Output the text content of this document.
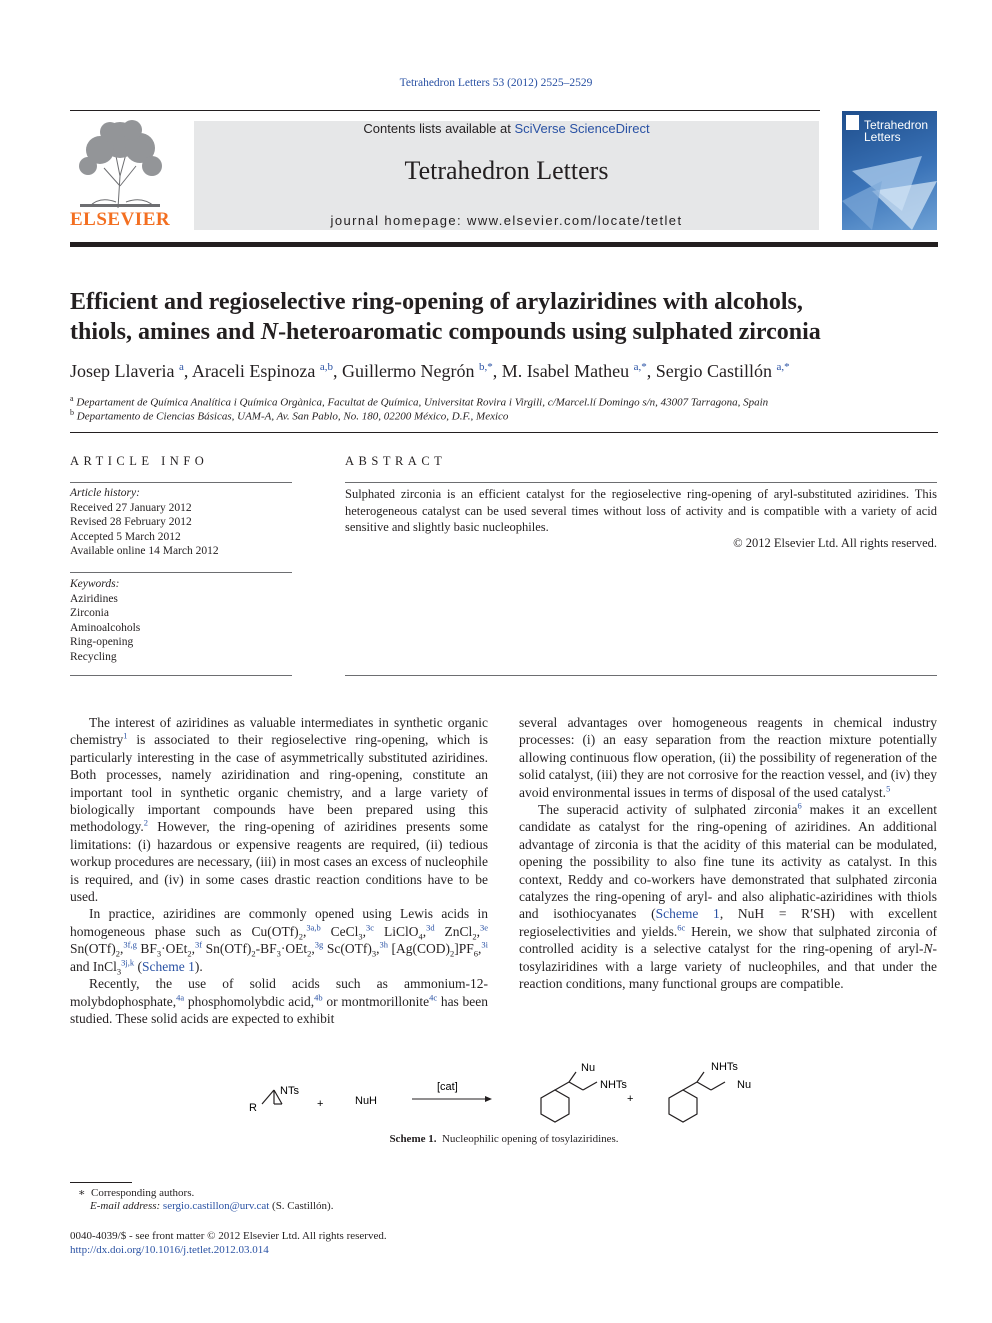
Tetrahedron Letters 53 (2012) 2525–2529
ELSEVIER
Contents lists available at SciVerse ScienceDirect
Tetrahedron Letters
journal homepage: www.elsevier.com/locate/tetlet
Tetrahedron
Letters
Efficient and regioselective ring-opening of arylaziridines with alcohols,
thiols, amines and N-heteroaromatic compounds using sulphated zirconia
Josep Llaveria $^a$, Araceli Espinoza $^{a,b}$, Guillermo Negrón $^{b,*}$, M. Isabel Matheu $^{a,*}$, Sergio Castillón $^{a,*}$
$^a$ Departament de Química Analítica i Química Orgànica, Facultat de Química, Universitat Rovira i Virgili, c/Marcel.lí Domingo s/n, 43007 Tarragona, Spain
$^b$ Departamento de Ciencias Básicas, UAM-A, Av. San Pablo, No. 180, 02200 México, D.F., Mexico
ARTICLE INFO
Article history:
Received 27 January 2012
Revised 28 February 2012
Accepted 5 March 2012
Available online 14 March 2012
Keywords:
Aziridines
Zirconia
Aminoalcohols
Ring-opening
Recycling
ABSTRACT
Sulphated zirconia is an efficient catalyst for the regioselective ring-opening of aryl-substituted aziridines. This heterogeneous catalyst can be used several times without loss of activity and is compatible with a variety of acid sensitive and slightly basic nucleophiles.
© 2012 Elsevier Ltd. All rights reserved.

The interest of aziridines as valuable intermediates in synthetic organic chemistry$^1$ is associated to their regioselective ring-opening, which is particularly interesting in the case of asymmetrically substituted aziridines. Both processes, namely aziridination and ring-opening, constitute an important tool in synthetic organic chemistry, and a large variety of biologically important compounds have been prepared using this methodology.$^2$ However, the ring-opening of aziridines presents some limitations: (i) hazardous or expensive reagents are required, (ii) tedious workup procedures are necessary, (iii) in most cases an excess of nucleophile is required, and (iv) in some cases drastic reaction conditions have to be used.

In practice, aziridines are commonly opened using Lewis acids in homogeneous phase such as $Cu(OTf)_2,^{3a,b}$ CeCl$_3$,$^{3c}$ LiClO$_4$,$^{3d}$ ZnCl$_2$,$^{3e}$ $Sn(OTf)_2,^{3f,g}$ $BF_3\cdot OEt_2,^{3f}$ $Sn(OTf)_2-BF_3\cdot OEt_2,^{3g}$ $Sc(OTf)_3,^{3h}$ $[Ag(COD)_2]PF_6,^{3i}$ and InCl$_3^{3j,k}$ (Scheme 1).

Recently, the use of solid acids such as ammonium-12-molybdophosphate,$^{4a}$ phosphomolybdic acid,$^{4b}$ or montmorillonite$^{4c}$ has been studied. These solid acids are expected to exhibit

several advantages over homogeneous reagents in chemical industry processes: (i) an easy separation from the reaction mixture potentially allowing continuous flow operation, (ii) the possibility of regeneration of the solid catalyst, (iii) they are not corrosive for the reaction vessel, and (iv) they avoid environmental issues in terms of disposal of the used catalyst.$^5$

The superacid activity of sulphated zirconia$^6$ makes it an excellent candidate as catalyst for the ring-opening of aziridines. An additional advantage of zirconia is that the acidity of this material can be modulated, opening the possibility to also fine tune its activity as catalyst. In this context, Reddy and co-workers have demonstrated that sulphated zirconia catalyzes the ring-opening of aryl- and also aliphatic-aziridines with thiols and isothiocyanates (Scheme 1, NuH = R′SH) with excellent regioselectivities and yields.$^{6c}$ Herein, we show that sulphated zirconia of controlled acidity is a selective catalyst for the ring-opening of aryl-N-tosylaziridines with a large variety of nucleophiles, and that under the reaction conditions, many functional groups are compatible.

NTs
R	+	NuH
[cat]
Nu
NHTs
+
NHTs
Nu
Scheme 1. Nucleophilic opening of tosylaziridines.
∗  Corresponding authors.
E-mail address: sergio.castillon@urv.cat (S. Castillón).
0040-4039/$ - see front matter © 2012 Elsevier Ltd. All rights reserved.
http://dx.doi.org/10.1016/j.tetlet.2012.03.014
